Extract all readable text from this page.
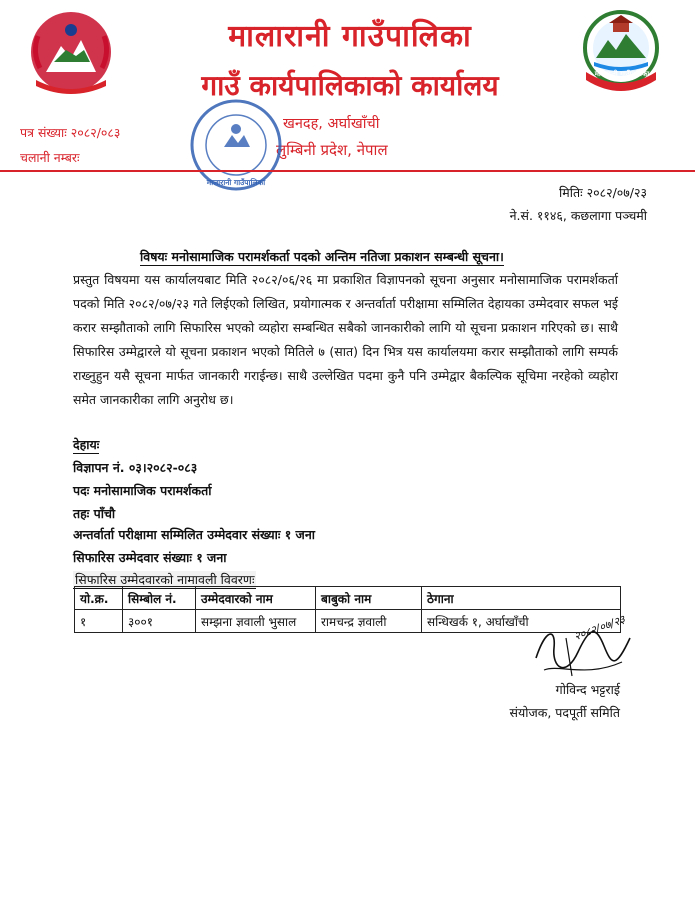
मालारानी गाउँपालिका
मालारानी गाउँपालिका
गाउँ कार्यपालिकाको कार्यालय
खनदह, अर्घाखाँची
लुम्बिनी प्रदेश, नेपाल
पत्र संख्याः २०८२/०८३
चलानी नम्बरः
मालारानी गाउँपालिका
मितिः २०८२/०७/२३
ने.सं. ११४६, कछलागा पञ्चमी
विषयः मनोसामाजिक परामर्शकर्ता पदको अन्तिम नतिजा प्रकाशन सम्बन्धी सूचना।
प्रस्तुत विषयमा यस कार्यालयबाट मिति २०८२/०६/२६ मा प्रकाशित विज्ञापनको सूचना अनुसार मनोसामाजिक परामर्शकर्ता पदको मिति २०८२/०७/२३ गते लिईएको लिखित, प्रयोगात्मक र अन्तर्वार्ता परीक्षामा सम्मिलित देहायका उम्मेदवार सफल भई करार सम्झौताको लागि सिफारिस भएको व्यहोरा सम्बन्धित सबैको जानकारीको लागि यो सूचना प्रकाशन गरिएको छ। साथै सिफारिस उम्मेद्वारले यो सूचना प्रकाशन भएको मितिले ७ (सात) दिन भित्र यस कार्यालयमा करार सम्झौताको लागि सम्पर्क राख्नुहुन यसै सूचना मार्फत जानकारी गराईन्छ। साथै उल्लेखित पदमा कुनै पनि उम्मेद्वार बैकल्पिक सूचिमा नरहेको व्यहोरा समेत जानकारीका लागि अनुरोध छ।
देहायः
विज्ञापन नं. ०३।२०८२-०८३
पदः मनोसामाजिक परामर्शकर्ता
तहः पाँचौ
अन्तर्वार्ता परीक्षामा सम्मिलित उम्मेदवार संख्याः १ जना
सिफारिस उम्मेदवार संख्याः १ जना
सिफारिस उम्मेदवारको नामावली विवरणः
यो.क्र.	सिम्बोल नं.	उम्मेदवारको नाम	बाबुको नाम	ठेगाना
१	३००१	सम्झना ज्ञवाली भुसाल	रामचन्द्र ज्ञवाली	सन्धिखर्क १, अर्घाखाँची	२०८२/०७/२३
गोविन्द भट्टराई
संयोजक, पदपूर्ती समिति
